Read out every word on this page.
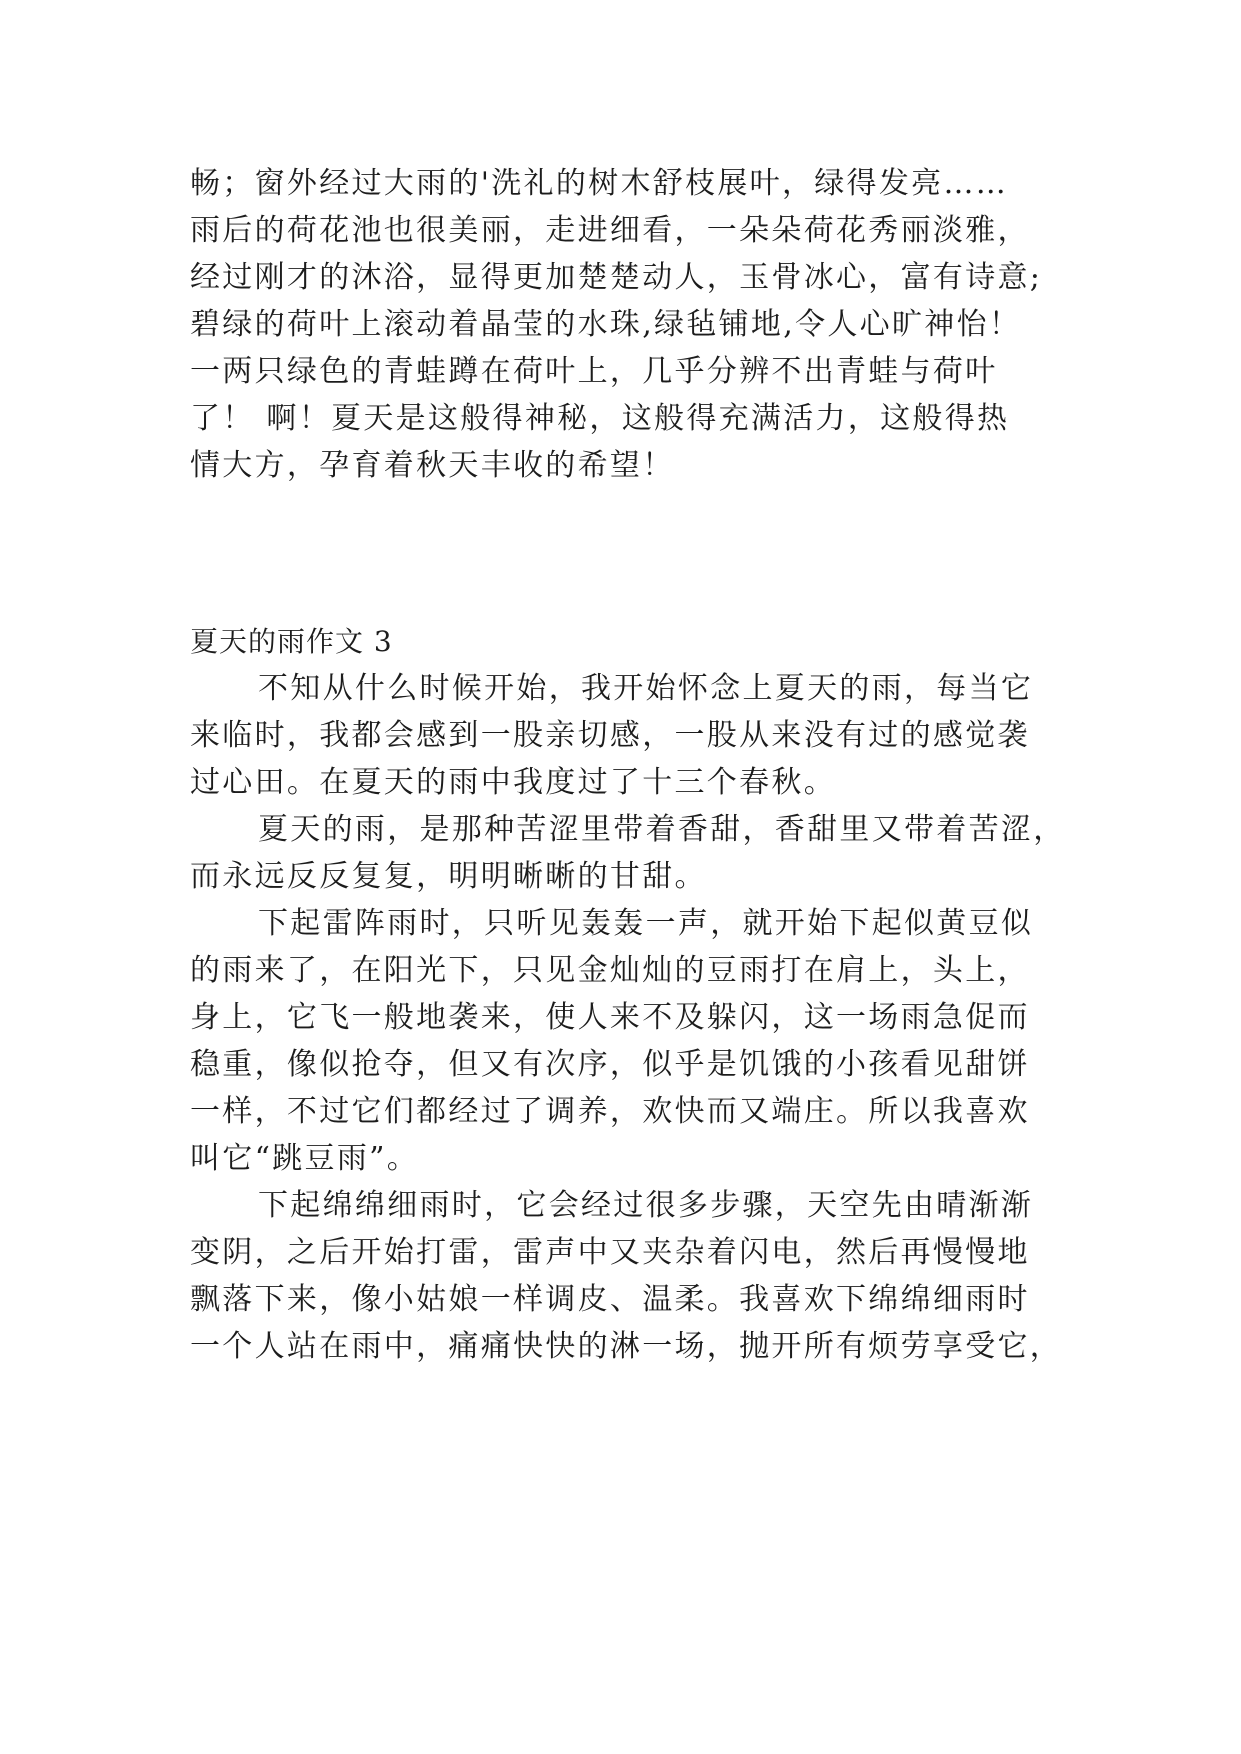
畅；窗外经过大雨的'洗礼的树木舒枝展叶，绿得发亮……
雨后的荷花池也很美丽，走进细看，一朵朵荷花秀丽淡雅，
经过刚才的沐浴，显得更加楚楚动人，玉骨冰心，富有诗意;
碧绿的荷叶上滚动着晶莹的水珠,绿毡铺地,令人心旷神怡！
一两只绿色的青蛙蹲在荷叶上，几乎分辨不出青蛙与荷叶
了！ 啊！夏天是这般得神秘，这般得充满活力，这般得热
情大方，孕育着秋天丰收的希望！
夏天的雨作文 3
不知从什么时候开始，我开始怀念上夏天的雨，每当它
来临时，我都会感到一股亲切感，一股从来没有过的感觉袭
过心田。在夏天的雨中我度过了十三个春秋。
夏天的雨，是那种苦涩里带着香甜，香甜里又带着苦涩，
而永远反反复复，明明晰晰的甘甜。
下起雷阵雨时，只听见轰轰一声，就开始下起似黄豆似
的雨来了，在阳光下，只见金灿灿的豆雨打在肩上，头上，
身上，它飞一般地袭来，使人来不及躲闪，这一场雨急促而
稳重，像似抢夺，但又有次序，似乎是饥饿的小孩看见甜饼
一样，不过它们都经过了调养，欢快而又端庄。所以我喜欢
叫它“跳豆雨”。
下起绵绵细雨时，它会经过很多步骤，天空先由晴渐渐
变阴，之后开始打雷，雷声中又夹杂着闪电，然后再慢慢地
飘落下来，像小姑娘一样调皮、温柔。我喜欢下绵绵细雨时
一个人站在雨中，痛痛快快的淋一场，抛开所有烦劳享受它，
